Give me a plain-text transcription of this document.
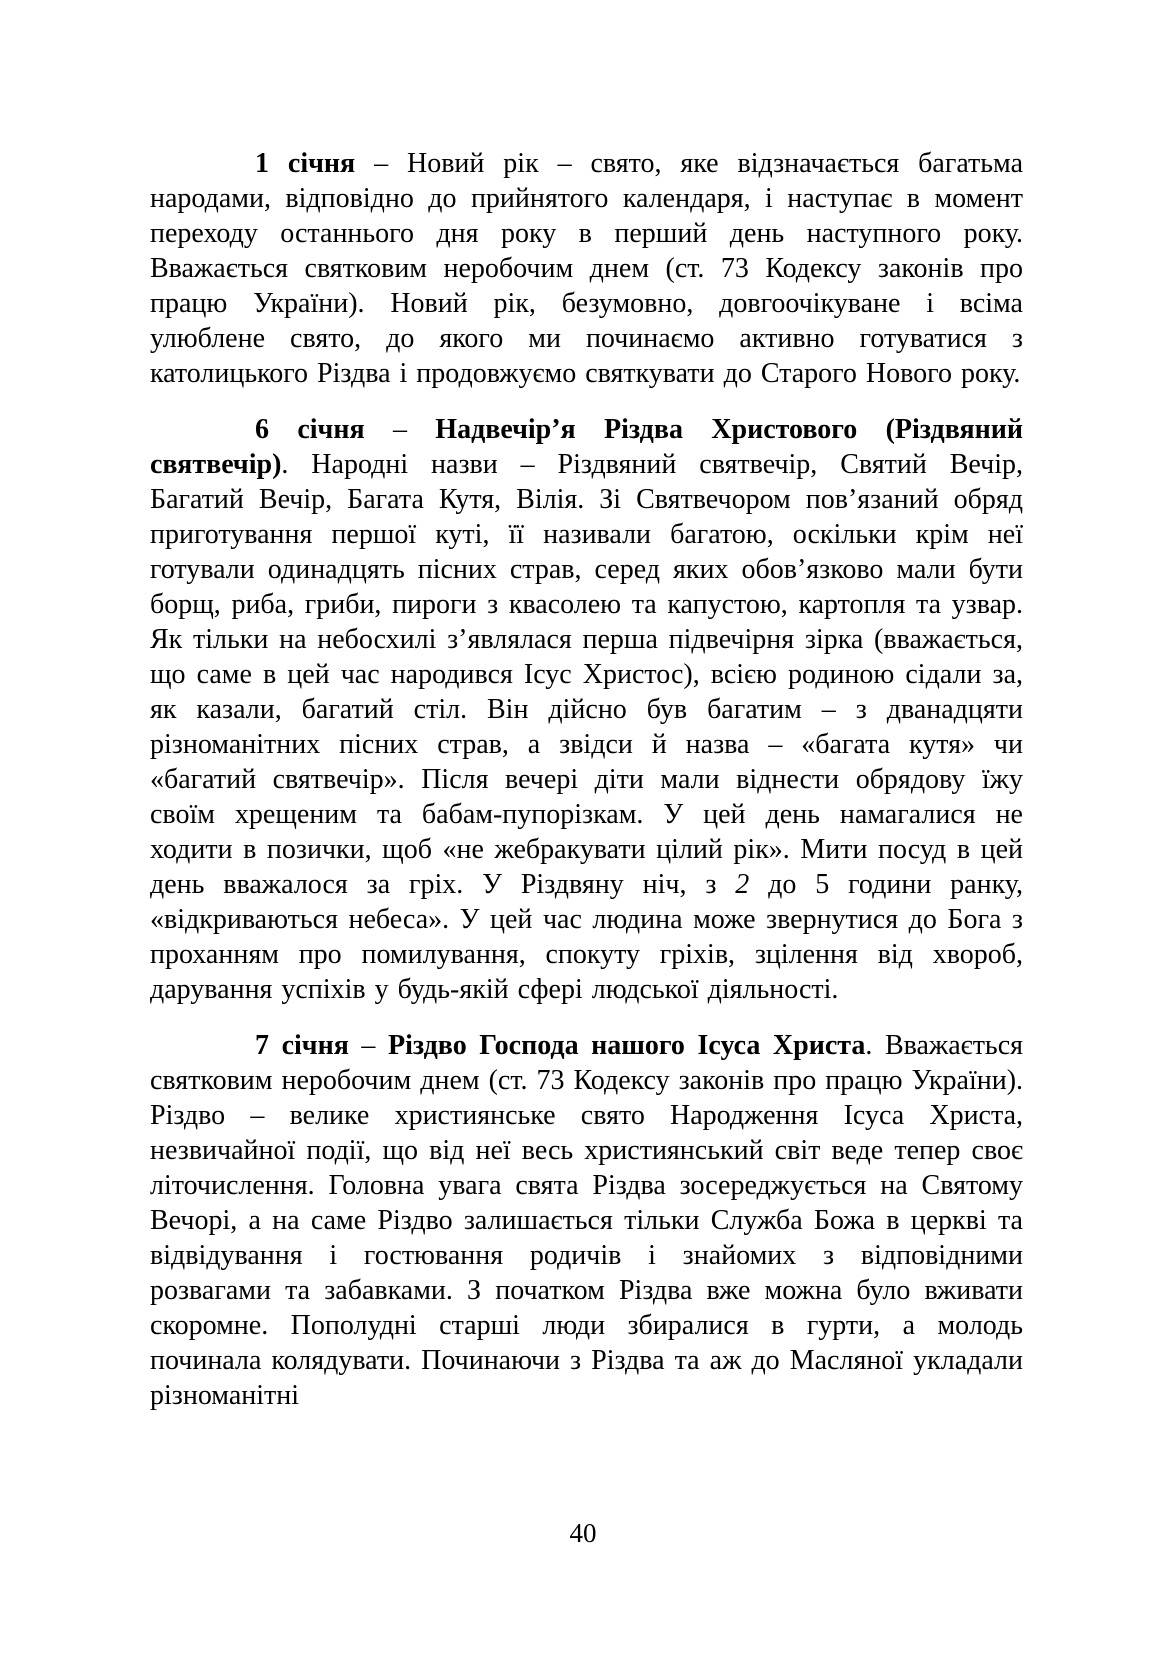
1 січня – Новий рік – свято, яке відзначається багатьма народами, відповідно до прийнятого календаря, і наступає в момент переходу останнього дня року в перший день наступного року. Вважається святковим неробочим днем (ст. 73 Кодексу законів про працю України). Новий рік, безумовно, довгоочікуване і всіма улюблене свято, до якого ми починаємо активно готуватися з католицького Різдва і продовжуємо святкувати до Старого Нового року.

6 січня – Надвечір’я Різдва Христового (Різдвяний святвечір). Народні назви – Різдвяний святвечір, Святий Вечір, Багатий Вечір, Багата Кутя, Вілія. Зі Святвечором пов’язаний обряд приготування першої куті, її називали багатою, оскільки крім неї готували одинадцять пісних страв, серед яких обов’язково мали бути борщ, риба, гриби, пироги з квасолею та капустою, картопля та узвар. Як тільки на небосхилі з’являлася перша підвечірня зірка (вважається, що саме в цей час народився Ісус Христос), всією родиною сідали за, як казали, багатий стіл. Він дійсно був багатим – з дванадцяти різноманітних пісних страв, а звідси й назва – «багата кутя» чи «багатий святвечір». Після вечері діти мали віднести обрядову їжу своїм хрещеним та бабам-пупорізкам. У цей день намагалися не ходити в позички, щоб «не жебракувати цілий рік». Мити посуд в цей день вважалося за гріх. У Різдвяну ніч, з 2 до 5 години ранку, «відкриваються небеса». У цей час людина може звернутися до Бога з проханням про помилування, спокуту гріхів, зцілення від хвороб, дарування успіхів у будь-якій сфері людської діяльності.

7 січня – Різдво Господа нашого Ісуса Христа. Вважається святковим неробочим днем (ст. 73 Кодексу законів про працю України). Різдво – велике християнське свято Народження Ісуса Христа, незвичайної події, що від неї весь християнський світ веде тепер своє літочислення. Головна увага свята Різдва зосереджується на Святому Вечорі, а на саме Різдво залишається тільки Служба Божа в церкві та відвідування і гостювання родичів і знайомих з відповідними розвагами та забавками. З початком Різдва вже можна було вживати скоромне. Пополудні старші люди збиралися в гурти, а молодь починала колядувати. Починаючи з Різдва та аж до Масляної укладали різноманітні

40
